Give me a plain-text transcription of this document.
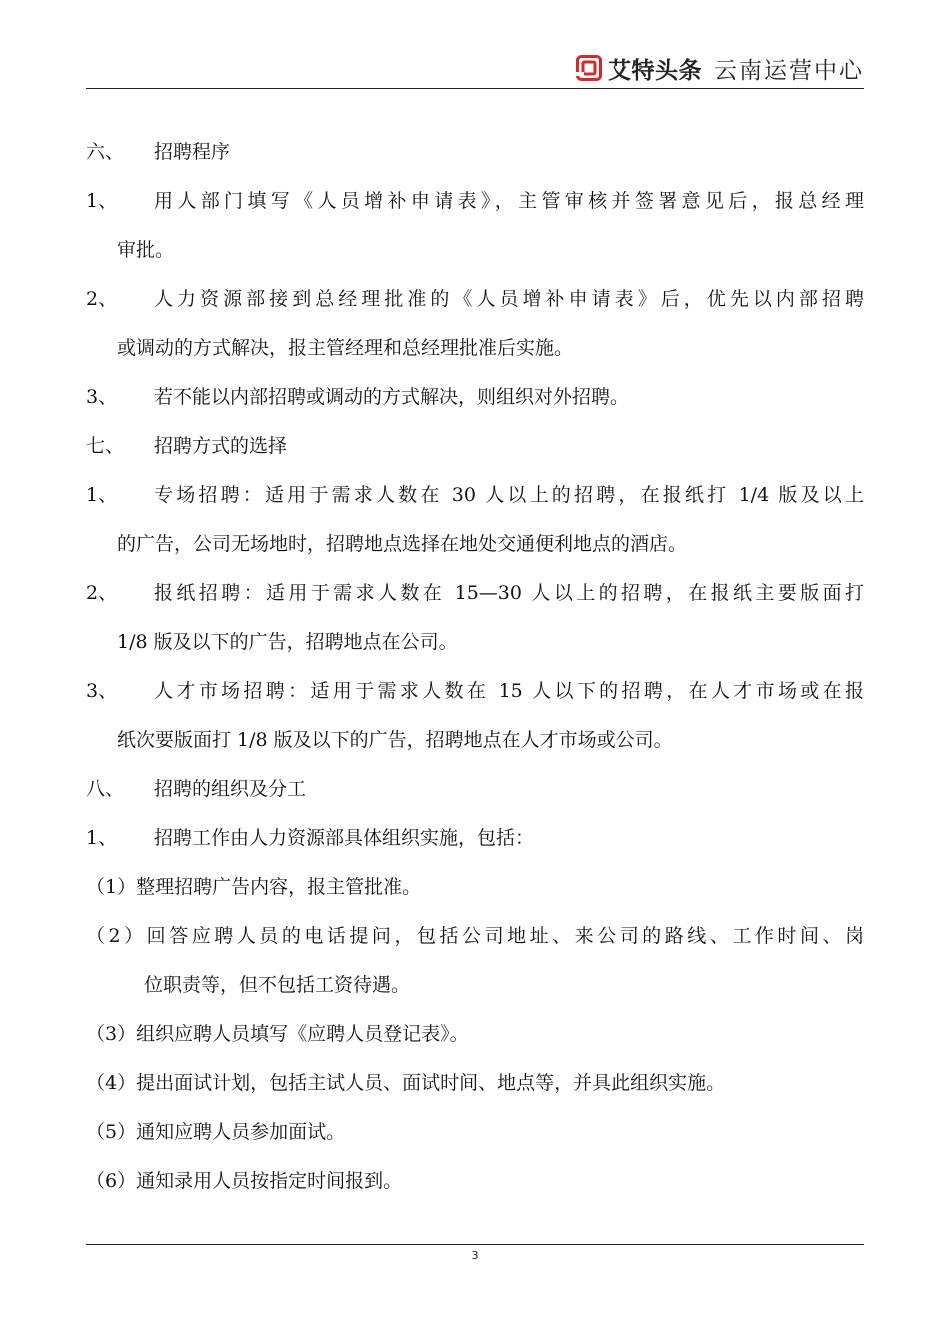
艾特头条 云南运营中心

六、	招聘程序

1、	用人部门填写《人员增补申请表》，主管审核并签署意见后，报总经理

审批。

2、	人力资源部接到总经理批准的《人员增补申请表》后，优先以内部招聘

或调动的方式解决，报主管经理和总经理批准后实施。

3、	若不能以内部招聘或调动的方式解决，则组织对外招聘。

七、	招聘方式的选择

1、	专场招聘：适用于需求人数在 30 人以上的招聘，在报纸打 1/4 版及以上

的广告，公司无场地时，招聘地点选择在地处交通便利地点的酒店。

2、	报纸招聘：适用于需求人数在 15—30 人以上的招聘，在报纸主要版面打

1/8 版及以下的广告，招聘地点在公司。

3、	人才市场招聘：适用于需求人数在 15 人以下的招聘，在人才市场或在报

纸次要版面打 1/8 版及以下的广告，招聘地点在人才市场或公司。

八、	招聘的组织及分工

1、	招聘工作由人力资源部具体组织实施，包括：

（1）整理招聘广告内容，报主管批准。

（2）回答应聘人员的电话提问，包括公司地址、来公司的路线、工作时间、岗

位职责等，但不包括工资待遇。

（3）组织应聘人员填写《应聘人员登记表》。

（4）提出面试计划，包括主试人员、面试时间、地点等，并具此组织实施。

（5）通知应聘人员参加面试。

（6）通知录用人员按指定时间报到。

3
